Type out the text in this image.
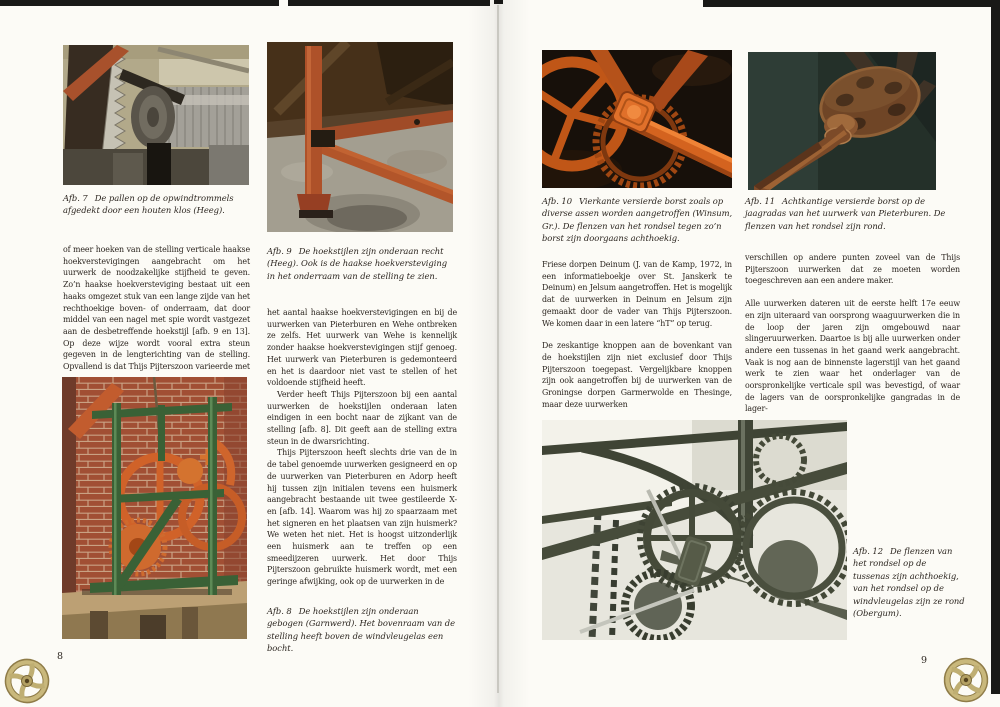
Afb. 7 De pallen op de opwindtrommels afgedekt door een houten klos (Heeg).

of meer hoeken van de stelling verticale haakse hoekverstevigingen aangebracht om het uurwerk de noodzakelijke stijfheid te geven. Zo’n haakse hoekversteviging bestaat uit een haaks omgezet stuk van een lange zijde van het rechthoekige boven- of onderraam, dat door middel van een nagel met spie wordt vastgezet aan de desbetreffende hoekstijl [afb. 9 en 13]. Op deze wijze wordt vooral extra steun gegeven in de lengterichting van de stelling. Opvallend is dat Thijs Pijterszoon varieerde met

Afb. 9 De hoekstijlen zijn onderaan recht (Heeg). Ook is de haakse hoekversteviging in het onderraam van de stelling te zien.

het aantal haakse hoekverstevigingen en bij de uurwerken van Pieterburen en Wehe ontbreken ze zelfs. Het uurwerk van Wehe is kennelijk zonder haakse hoekverstevigingen stijf genoeg. Het uurwerk van Pieterburen is gedemonteerd en het is daardoor niet vast te stellen of het voldoende stijfheid heeft.

Verder heeft Thijs Pijterszoon bij een aantal uurwerken de hoekstijlen onderaan laten eindigen in een bocht naar de zijkant van de stelling [afb. 8]. Dit geeft aan de stelling extra steun in de dwarsrichting.

Thijs Pijterszoon heeft slechts drie van de in de tabel genoemde uurwerken gesigneerd en op de uurwerken van Pieterburen en Adorp heeft hij tussen zijn initialen tevens een huismerk aangebracht bestaande uit twee gestileerde X-en [afb. 14]. Waarom was hij zo spaarzaam met het signeren en het plaatsen van zijn huismerk? We weten het niet. Het is hoogst uitzonderlijk een huismerk aan te treffen op een smeedijzeren uurwerk. Het door Thijs Pijterszoon gebruikte huismerk wordt, met een geringe afwijking, ook op de uurwerken in de

Afb. 8 De hoekstijlen zijn onderaan gebogen (Garnwerd). Het bovenraam van de stelling heeft boven de windvleugelas een bocht.
8
Afb. 10 Vierkante versierde borst zoals op diverse assen worden aangetroffen (Winsum, Gr.). De flenzen van het rondsel tegen zo’n borst zijn doorgaans achthoekig.

Friese dorpen Deinum (J. van de Kamp, 1972, in een informatieboekje over St. Janskerk te Deinum) en Jelsum aangetroffen. Het is mogelijk dat de uurwerken in Deinum en Jelsum zijn gemaakt door de vader van Thijs Pijterszoon. We komen daar in een latere “hT” op terug.

De zeskantige knoppen aan de bovenkant van de hoekstijlen zijn niet exclusief door Thijs Pijterszoon toegepast. Vergelijkbare knoppen zijn ook aangetroffen bij de uurwerken van de Groningse dorpen Garmerwolde en Thesinge, maar deze uurwerken

Afb. 11 Achtkantige versierde borst op de jaagradas van het uurwerk van Pieterburen. De flenzen van het rondsel zijn rond.

verschillen op andere punten zoveel van de Thijs Pijterszoon uurwerken dat ze moeten worden toegeschreven aan een andere maker.

Alle uurwerken dateren uit de eerste helft 17e eeuw en zijn uiteraard van oorsprong waaguurwerken die in de loop der jaren zijn omgebouwd naar slingeruurwerken. Daartoe is bij alle uurwerken onder andere een tussenas in het gaand werk aangebracht. Vaak is nog aan de binnenste lagerstijl van het gaand werk te zien waar het onderlager van de oorspronkelijke verticale spil was bevestigd, of waar de lagers van de oorspronkelijke gangradas in de lager-

Afb. 12 De flenzen van het rondsel op de tussenas zijn achthoekig, van het rondsel op de windvleugelas zijn ze rond (Obergum).
9
